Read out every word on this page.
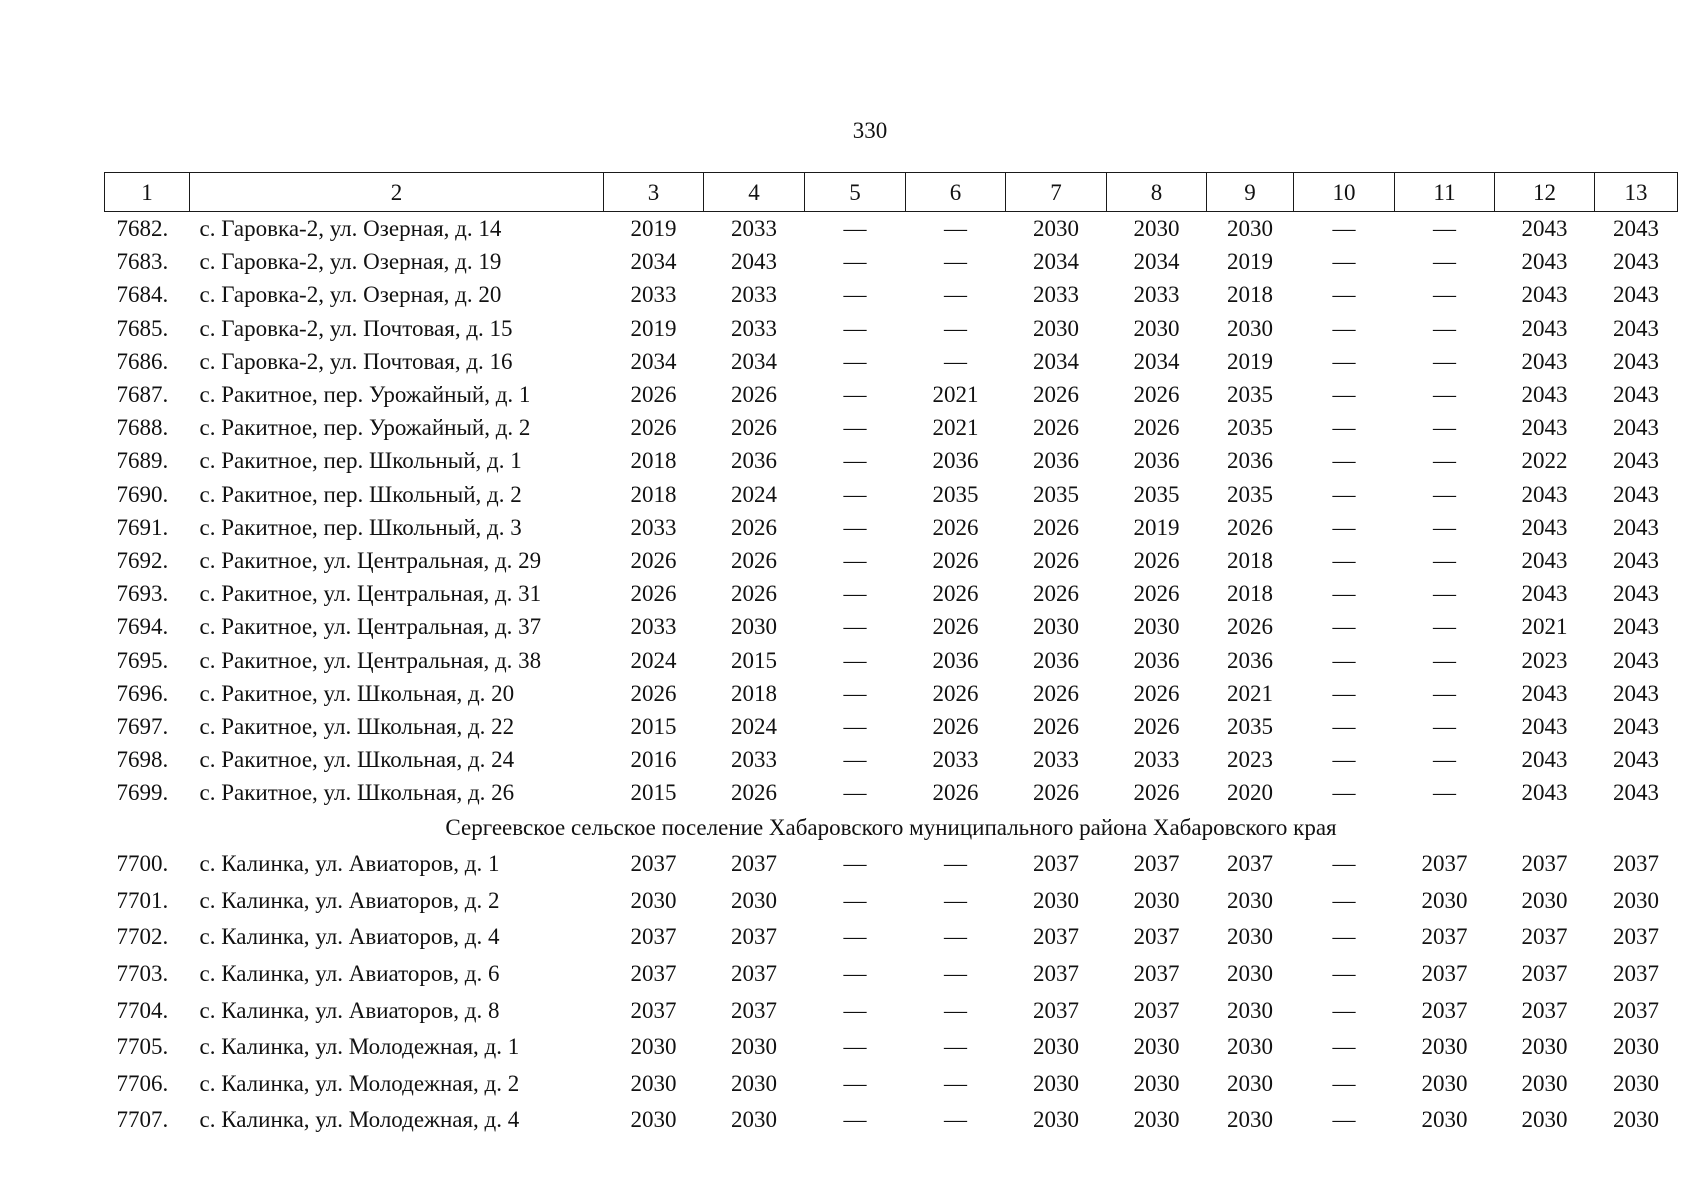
330
1	2	3	4	5	6	7	8	9	10	11	12	13
7682.	с. Гаровка-2, ул. Озерная, д. 14	2019	2033	—	—	2030	2030	2030	—	—	2043	2043
7683.	с. Гаровка-2, ул. Озерная, д. 19	2034	2043	—	—	2034	2034	2019	—	—	2043	2043
7684.	с. Гаровка-2, ул. Озерная, д. 20	2033	2033	—	—	2033	2033	2018	—	—	2043	2043
7685.	с. Гаровка-2, ул. Почтовая, д. 15	2019	2033	—	—	2030	2030	2030	—	—	2043	2043
7686.	с. Гаровка-2, ул. Почтовая, д. 16	2034	2034	—	—	2034	2034	2019	—	—	2043	2043
7687.	с. Ракитное, пер. Урожайный, д. 1	2026	2026	—	2021	2026	2026	2035	—	—	2043	2043
7688.	с. Ракитное, пер. Урожайный, д. 2	2026	2026	—	2021	2026	2026	2035	—	—	2043	2043
7689.	с. Ракитное, пер. Школьный, д. 1	2018	2036	—	2036	2036	2036	2036	—	—	2022	2043
7690.	с. Ракитное, пер. Школьный, д. 2	2018	2024	—	2035	2035	2035	2035	—	—	2043	2043
7691.	с. Ракитное, пер. Школьный, д. 3	2033	2026	—	2026	2026	2019	2026	—	—	2043	2043
7692.	с. Ракитное, ул. Центральная, д. 29	2026	2026	—	2026	2026	2026	2018	—	—	2043	2043
7693.	с. Ракитное, ул. Центральная, д. 31	2026	2026	—	2026	2026	2026	2018	—	—	2043	2043
7694.	с. Ракитное, ул. Центральная, д. 37	2033	2030	—	2026	2030	2030	2026	—	—	2021	2043
7695.	с. Ракитное, ул. Центральная, д. 38	2024	2015	—	2036	2036	2036	2036	—	—	2023	2043
7696.	с. Ракитное, ул. Школьная, д. 20	2026	2018	—	2026	2026	2026	2021	—	—	2043	2043
7697.	с. Ракитное, ул. Школьная, д. 22	2015	2024	—	2026	2026	2026	2035	—	—	2043	2043
7698.	с. Ракитное, ул. Школьная, д. 24	2016	2033	—	2033	2033	2033	2023	—	—	2043	2043
7699.	с. Ракитное, ул. Школьная, д. 26	2015	2026	—	2026	2026	2026	2020	—	—	2043	2043
Сергеевское сельское поселение Хабаровского муниципального района Хабаровского края												
7700.	с. Калинка, ул. Авиаторов, д. 1	2037	2037	—	—	2037	2037	2037	—	2037	2037	2037
7701.	с. Калинка, ул. Авиаторов, д. 2	2030	2030	—	—	2030	2030	2030	—	2030	2030	2030
7702.	с. Калинка, ул. Авиаторов, д. 4	2037	2037	—	—	2037	2037	2030	—	2037	2037	2037
7703.	с. Калинка, ул. Авиаторов, д. 6	2037	2037	—	—	2037	2037	2030	—	2037	2037	2037
7704.	с. Калинка, ул. Авиаторов, д. 8	2037	2037	—	—	2037	2037	2030	—	2037	2037	2037
7705.	с. Калинка, ул. Молодежная, д. 1	2030	2030	—	—	2030	2030	2030	—	2030	2030	2030
7706.	с. Калинка, ул. Молодежная, д. 2	2030	2030	—	—	2030	2030	2030	—	2030	2030	2030
7707.	с. Калинка, ул. Молодежная, д. 4	2030	2030	—	—	2030	2030	2030	—	2030	2030	2030
